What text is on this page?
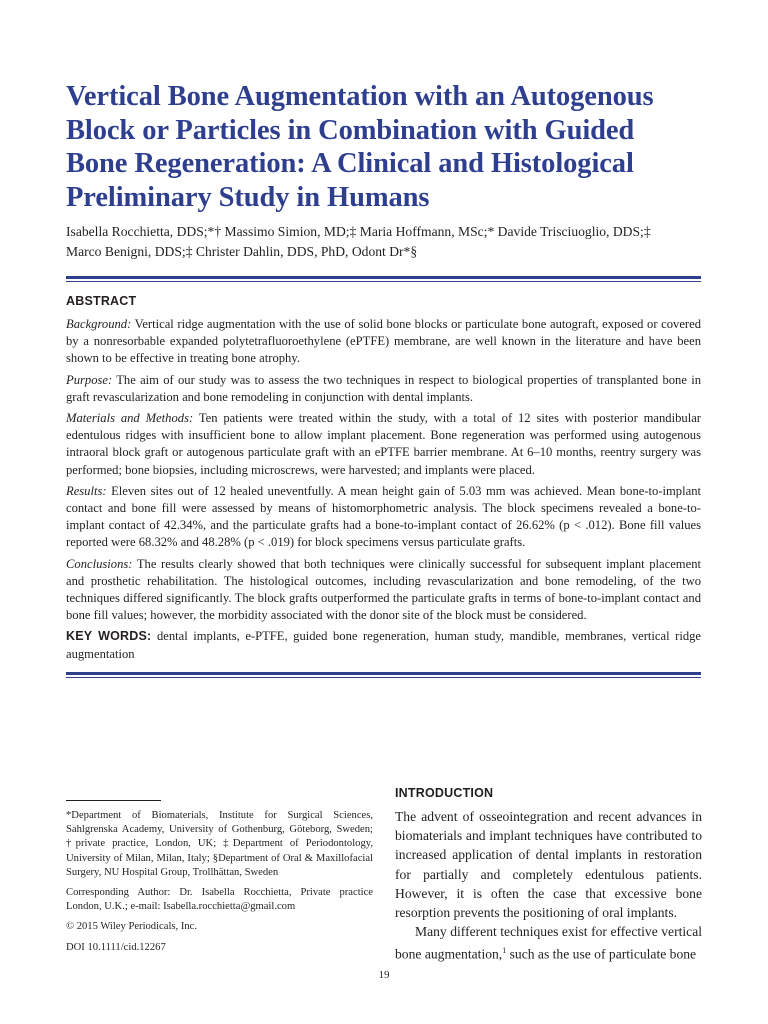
Vertical Bone Augmentation with an Autogenous
Block or Particles in Combination with Guided
Bone Regeneration: A Clinical and Histological
Preliminary Study in Humans
Isabella Rocchietta, DDS;*† Massimo Simion, MD;‡ Maria Hoffmann, MSc;* Davide Trisciuoglio, DDS;‡
Marco Benigni, DDS;‡ Christer Dahlin, DDS, PhD, Odont Dr*§
ABSTRACT

Background: Vertical ridge augmentation with the use of solid bone blocks or particulate bone autograft, exposed or covered by a nonresorbable expanded polytetrafluoroethylene (ePTFE) membrane, are well known in the literature and have been shown to be effective in treating bone atrophy.

Purpose: The aim of our study was to assess the two techniques in respect to biological properties of transplanted bone in graft revascularization and bone remodeling in conjunction with dental implants.

Materials and Methods: Ten patients were treated within the study, with a total of 12 sites with posterior mandibular edentulous ridges with insufficient bone to allow implant placement. Bone regeneration was performed using autogenous intraoral block graft or autogenous particulate graft with an ePTFE barrier membrane. At 6–10 months, reentry surgery was performed; bone biopsies, including microscrews, were harvested; and implants were placed.

Results: Eleven sites out of 12 healed uneventfully. A mean height gain of 5.03 mm was achieved. Mean bone-to-implant contact and bone fill were assessed by means of histomorphometric analysis. The block specimens revealed a bone-to-implant contact of 42.34%, and the particulate grafts had a bone-to-implant contact of 26.62% (p < .012). Bone fill values reported were 68.32% and 48.28% (p < .019) for block specimens versus particulate grafts.

Conclusions: The results clearly showed that both techniques were clinically successful for subsequent implant placement and prosthetic rehabilitation. The histological outcomes, including revascularization and bone remodeling, of the two techniques differed significantly. The block grafts outperformed the particulate grafts in terms of bone-to-implant contact and bone fill values; however, the morbidity associated with the donor site of the block must be considered.

KEY WORDS: dental implants, e-PTFE, guided bone regeneration, human study, mandible, membranes, vertical ridge augmentation

*Department of Biomaterials, Institute for Surgical Sciences, Sahlgrenska Academy, University of Gothenburg, Göteborg, Sweden; †private practice, London, UK; ‡Department of Periodontology, University of Milan, Milan, Italy; §Department of Oral & Maxillofacial Surgery, NU Hospital Group, Trollhättan, Sweden

Corresponding Author: Dr. Isabella Rocchietta, Private practice London, U.K.; e-mail: Isabella.rocchietta@gmail.com

© 2015 Wiley Periodicals, Inc.

DOI 10.1111/cid.12267

INTRODUCTION

The advent of osseointegration and recent advances in biomaterials and implant techniques have contributed to increased application of dental implants in restoration for partially and completely edentulous patients. However, it is often the case that excessive bone resorption prevents the positioning of oral implants.

Many different techniques exist for effective vertical bone augmentation,$^1$ such as the use of particulate bone

19
